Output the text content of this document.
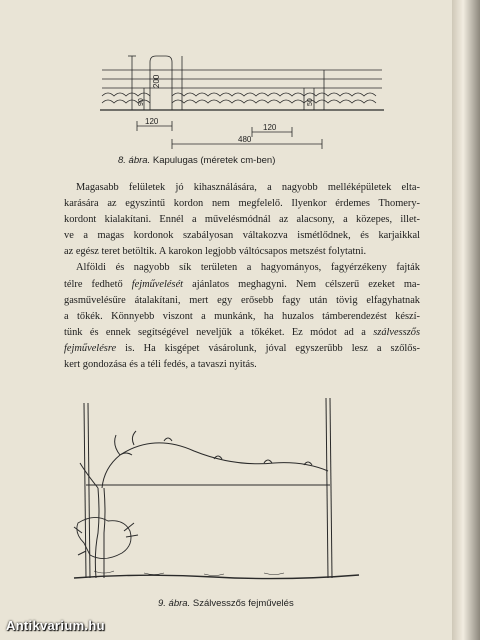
200
90
120
120
480
50
8. ábra. Kapulugas (méretek cm-ben)

Magasabb felületek jó kihasználására, a nagyobb melléképületek elta-
karására az egyszintű kordon nem megfelelő. Ilyenkor érdemes Thomery-
kordont kialakítani. Ennél a művelésmódnál az alacsony, a közepes, illet-
ve a magas kordonok szabályosan váltakozva ismétlődnek, és karjaikkal
az egész teret betöltik. A karokon legjobb váltócsapos metszést folytatni.

Alföldi és nagyobb sík területen a hagyományos, fagyérzékeny fajták
télre fedhető fejművelését ajánlatos meghagyni. Nem célszerű ezeket ma-
gasművelésűre átalakítani, mert egy erősebb fagy után tövig elfagyhatnak
a tőkék. Könnyebb viszont a munkánk, ha huzalos támberendezést készí-
tünk és ennek segítségével neveljük a tőkéket. Ez módot ad a szálvesszős
fejművelésre is. Ha kisgépet vásárolunk, jóval egyszerűbb lesz a szőlős-
kert gondozása és a téli fedés, a tavaszi nyitás.

9. ábra. Szálvesszős fejművelés
Antikvarium.hu
